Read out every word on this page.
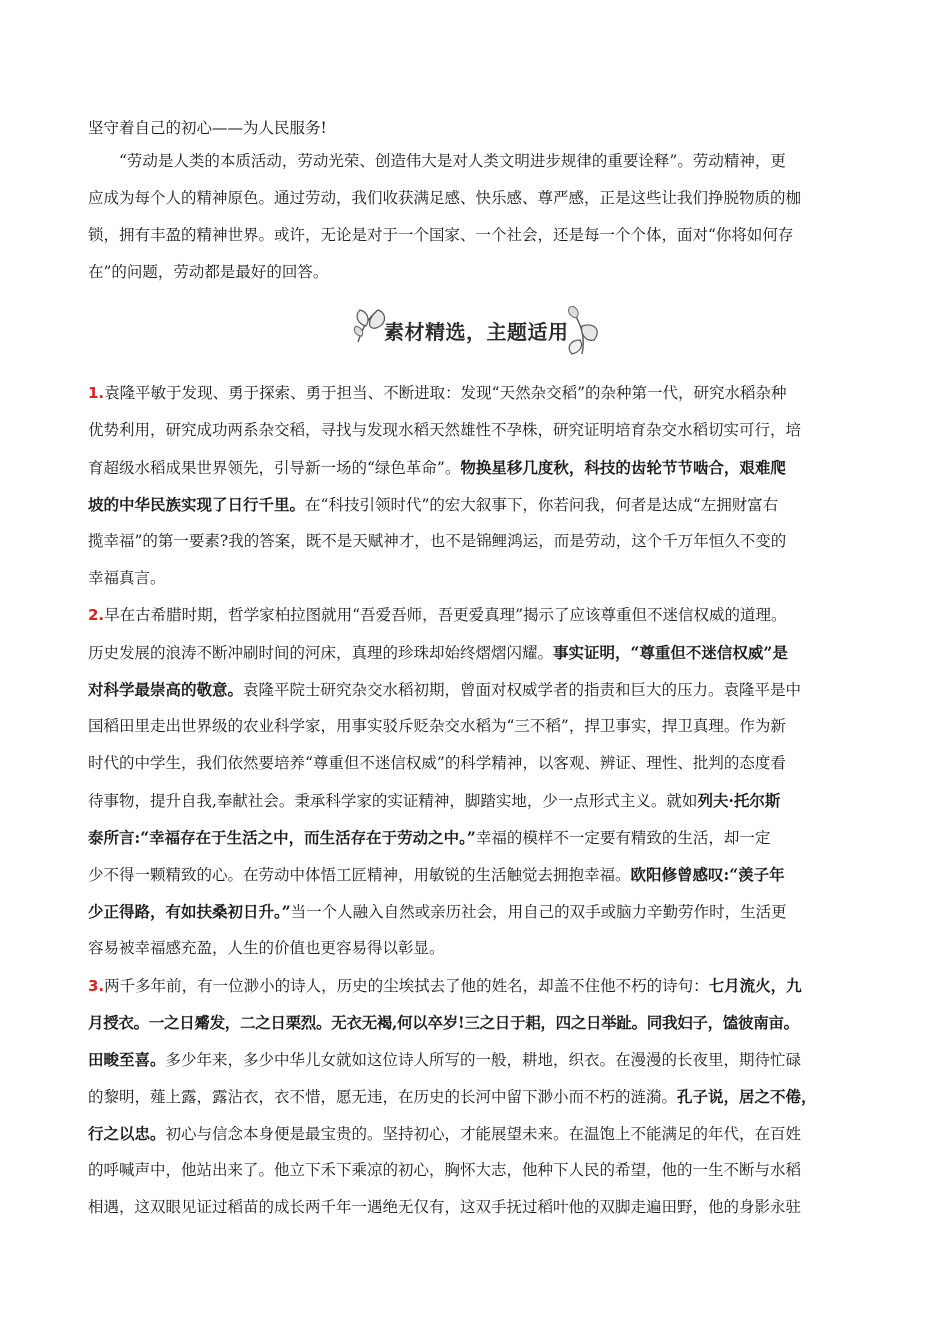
坚守着自己的初心——为人民服务!
“劳动是人类的本质活动，劳动光荣、创造伟大是对人类文明进步规律的重要诠释”。劳动精神，更
应成为每个人的精神原色。通过劳动，我们收获满足感、快乐感、尊严感，正是这些让我们挣脱物质的枷
锁，拥有丰盈的精神世界。或许，无论是对于一个国家、一个社会，还是每一个个体，面对“你将如何存
在”的问题，劳动都是最好的回答。
素材精选，主题适用
1.袁隆平敏于发现、勇于探索、勇于担当、不断进取：发现“天然杂交稻”的杂种第一代，研究水稻杂种
优势利用，研究成功两系杂交稻，寻找与发现水稻天然雄性不孕株，研究证明培育杂交水稻切实可行，培
育超级水稻成果世界领先，引导新一场的“绿色革命”。物换星移几度秋，科技的齿轮节节啮合，艰难爬
坡的中华民族实现了日行千里。在“科技引领时代”的宏大叙事下，你若问我，何者是达成“左拥财富右
揽幸福”的第一要素?我的答案，既不是天赋神才，也不是锦鲤鸿运，而是劳动，这个千万年恒久不变的
幸福真言。
2.早在古希腊时期，哲学家柏拉图就用“吾爱吾师，吾更爱真理”揭示了应该尊重但不迷信权威的道理。
历史发展的浪涛不断冲刷时间的河床，真理的珍珠却始终熠熠闪耀。事实证明，“尊重但不迷信权威”是
对科学最崇高的敬意。袁隆平院士研究杂交水稻初期，曾面对权威学者的指责和巨大的压力。袁隆平是中
国稻田里走出世界级的农业科学家，用事实驳斥贬杂交水稻为“三不稻”，捍卫事实，捍卫真理。作为新
时代的中学生，我们依然要培养“尊重但不迷信权威”的科学精神，以客观、辨证、理性、批判的态度看
待事物，提升自我,奉献社会。秉承科学家的实证精神，脚踏实地，少一点形式主义。就如列夫·托尔斯
泰所言:“幸福存在于生活之中，而生活存在于劳动之中。”幸福的模样不一定要有精致的生活，却一定
少不得一颗精致的心。在劳动中体悟工匠精神，用敏锐的生活触觉去拥抱幸福。欧阳修曾感叹:“羡子年
少正得路，有如扶桑初日升。”当一个人融入自然或亲历社会，用自己的双手或脑力辛勤劳作时，生活更
容易被幸福感充盈，人生的价值也更容易得以彰显。
3.两千多年前，有一位渺小的诗人，历史的尘埃拭去了他的姓名，却盖不住他不朽的诗句：七月流火，九
月授衣。一之日觱发，二之日栗烈。无衣无褐,何以卒岁!三之日于耜，四之日举趾。同我妇子，馌彼南亩。
田畯至喜。多少年来，多少中华儿女就如这位诗人所写的一般，耕地，织衣。在漫漫的长夜里，期待忙碌
的黎明，薤上露，露沾衣，衣不惜，愿无违，在历史的长河中留下渺小而不朽的涟漪。孔子说，居之不倦，
行之以忠。初心与信念本身便是最宝贵的。坚持初心，才能展望未来。在温饱上不能满足的年代，在百姓
的呼喊声中，他站出来了。他立下禾下乘凉的初心，胸怀大志，他种下人民的希望，他的一生不断与水稻
相遇，这双眼见证过稻苗的成长两千年一遇绝无仅有，这双手抚过稻叶他的双脚走遍田野，他的身影永驻
